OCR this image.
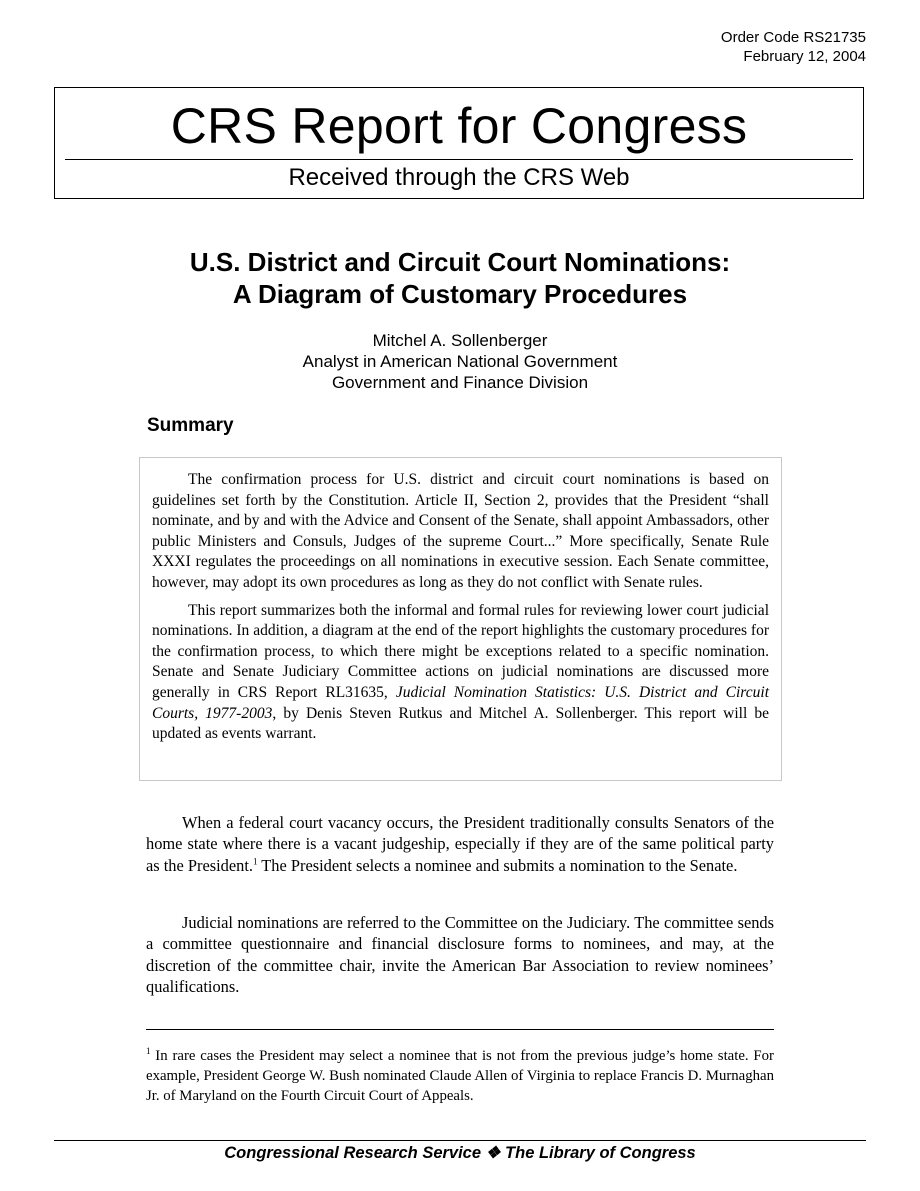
Order Code RS21735
February 12, 2004
CRS Report for Congress
Received through the CRS Web
U.S. District and Circuit Court Nominations:
A Diagram of Customary Procedures
Mitchel A. Sollenberger
Analyst in American National Government
Government and Finance Division
Summary

The confirmation process for U.S. district and circuit court nominations is based on guidelines set forth by the Constitution. Article II, Section 2, provides that the President “shall nominate, and by and with the Advice and Consent of the Senate, shall appoint Ambassadors, other public Ministers and Consuls, Judges of the supreme Court...” More specifically, Senate Rule XXXI regulates the proceedings on all nominations in executive session. Each Senate committee, however, may adopt its own procedures as long as they do not conflict with Senate rules.

This report summarizes both the informal and formal rules for reviewing lower court judicial nominations. In addition, a diagram at the end of the report highlights the customary procedures for the confirmation process, to which there might be exceptions related to a specific nomination. Senate and Senate Judiciary Committee actions on judicial nominations are discussed more generally in CRS Report RL31635, Judicial Nomination Statistics: U.S. District and Circuit Courts, 1977-2003, by Denis Steven Rutkus and Mitchel A. Sollenberger. This report will be updated as events warrant.

When a federal court vacancy occurs, the President traditionally consults Senators of the home state where there is a vacant judgeship, especially if they are of the same political party as the President.$^1$ The President selects a nominee and submits a nomination to the Senate.

Judicial nominations are referred to the Committee on the Judiciary. The committee sends a committee questionnaire and financial disclosure forms to nominees, and may, at the discretion of the committee chair, invite the American Bar Association to review nominees’ qualifications.

$^1$ In rare cases the President may select a nominee that is not from the previous judge’s home state. For example, President George W. Bush nominated Claude Allen of Virginia to replace Francis D. Murnaghan Jr. of Maryland on the Fourth Circuit Court of Appeals.

Congressional Research Service ❖ The Library of Congress
